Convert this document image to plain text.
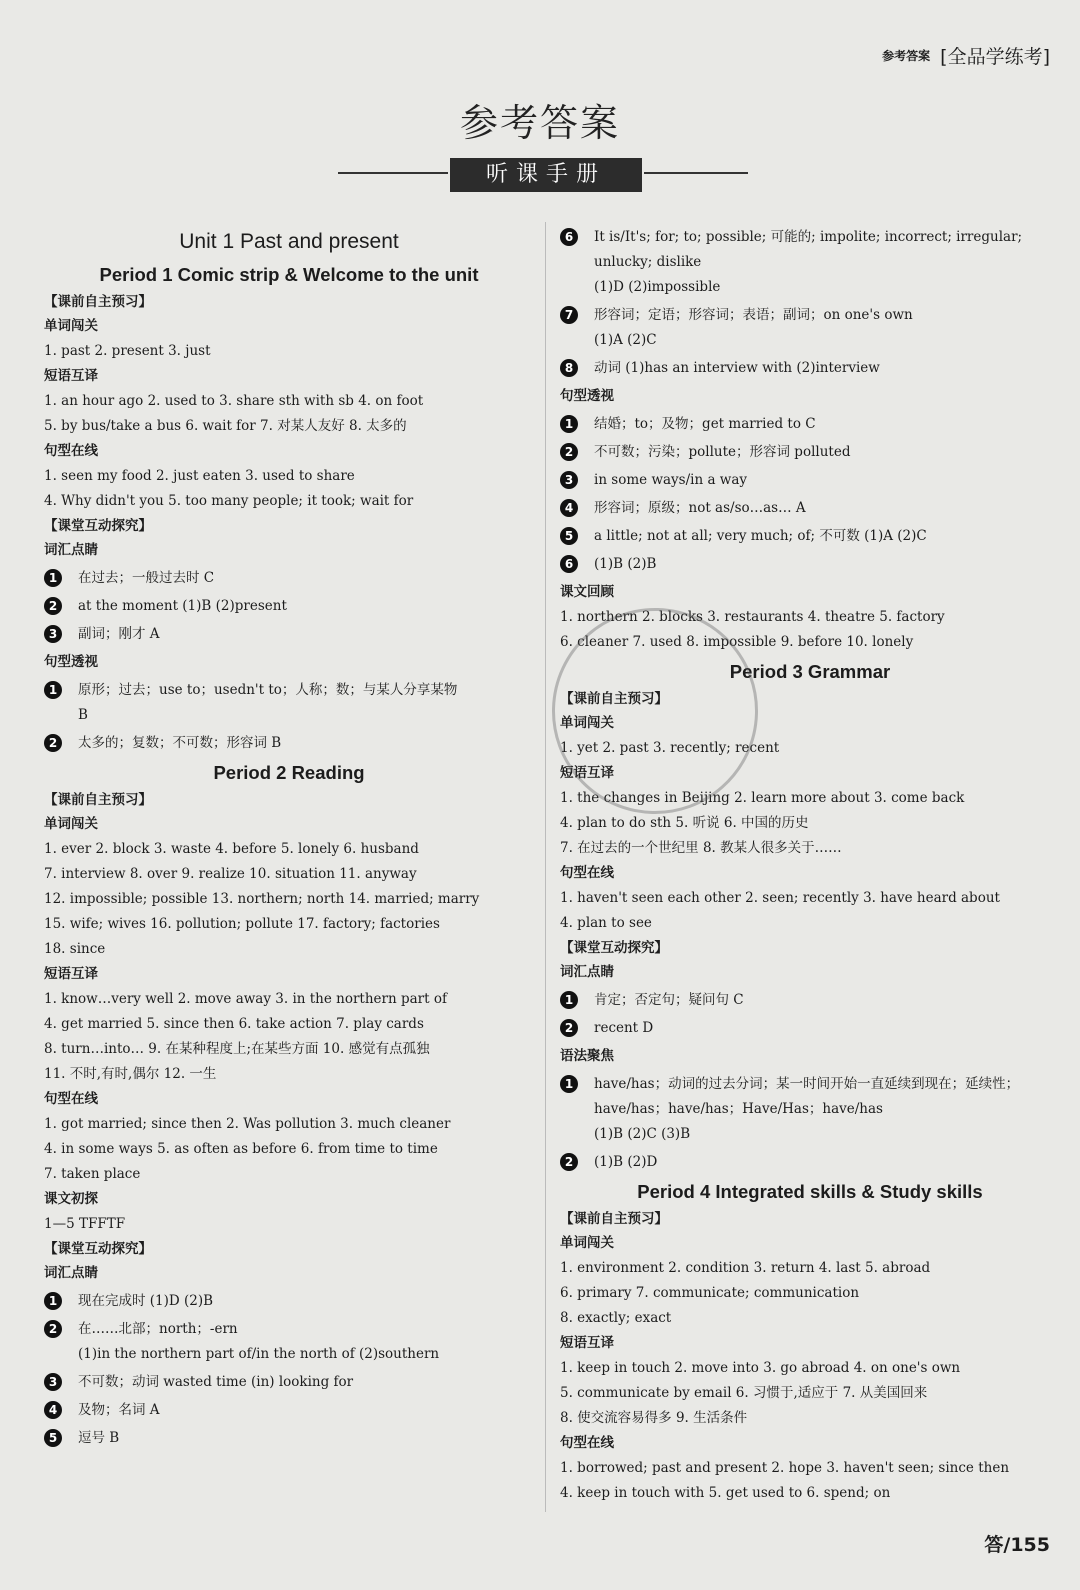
参考答案 [全品学练考]
参考答案
听课手册
Unit 1 Past and present
Period 1 Comic strip & Welcome to the unit
【课前自主预习】
单词闯关
1. past 2. present 3. just
短语互译
1. an hour ago 2. used to 3. share sth with sb 4. on foot
5. by bus/take a bus 6. wait for 7. 对某人友好 8. 太多的
句型在线
1. seen my food 2. just eaten 3. used to share
4. Why didn't you 5. too many people; it took; wait for
【课堂互动探究】
词汇点睛
1	在过去；一般过去时 C
2	at the moment (1)B (2)present
3	副词；刚才 A
句型透视
1	原形；过去；use to；usedn't to；人称；数；与某人分享某物
B
2	太多的；复数；不可数；形容词 B
Period 2 Reading
【课前自主预习】
单词闯关
1. ever 2. block 3. waste 4. before 5. lonely 6. husband
7. interview 8. over 9. realize 10. situation 11. anyway
12. impossible; possible 13. northern; north 14. married; marry
15. wife; wives 16. pollution; pollute 17. factory; factories
18. since
短语互译
1. know…very well 2. move away 3. in the northern part of
4. get married 5. since then 6. take action 7. play cards
8. turn…into… 9. 在某种程度上;在某些方面 10. 感觉有点孤独
11. 不时,有时,偶尔 12. 一生
句型在线
1. got married; since then 2. Was pollution 3. much cleaner
4. in some ways 5. as often as before 6. from time to time
7. taken place
课文初探
1—5 TFFTF
【课堂互动探究】
词汇点睛
1	现在完成时 (1)D (2)B
2	在……北部；north；-ern
(1)in the northern part of/in the north of (2)southern
3	不可数；动词 wasted time (in) looking for
4	及物；名词 A
5	逗号 B
6	It is/It's; for; to; possible; 可能的; impolite; incorrect; irregular; unlucky; dislike
(1)D (2)impossible
7	形容词；定语；形容词；表语；副词；on one's own
(1)A (2)C
8	动词 (1)has an interview with (2)interview
句型透视
1	结婚；to；及物；get married to C
2	不可数；污染；pollute；形容词 polluted
3	in some ways/in a way
4	形容词；原级；not as/so…as… A
5	a little; not at all; very much; of; 不可数 (1)A (2)C
6	(1)B (2)B
课文回顾
1. northern 2. blocks 3. restaurants 4. theatre 5. factory
6. cleaner 7. used 8. impossible 9. before 10. lonely
Period 3 Grammar
【课前自主预习】
单词闯关
1. yet 2. past 3. recently; recent
短语互译
1. the changes in Beijing 2. learn more about 3. come back
4. plan to do sth 5. 听说 6. 中国的历史
7. 在过去的一个世纪里 8. 教某人很多关于……
句型在线
1. haven't seen each other 2. seen; recently 3. have heard about
4. plan to see
【课堂互动探究】
词汇点睛
1	肯定；否定句；疑问句 C
2	recent D
语法聚焦
1	have/has；动词的过去分词；某一时间开始一直延续到现在；延续性；have/has；have/has；Have/Has；have/has
(1)B (2)C (3)B
2	(1)B (2)D
Period 4 Integrated skills & Study skills
【课前自主预习】
单词闯关
1. environment 2. condition 3. return 4. last 5. abroad
6. primary 7. communicate; communication
8. exactly; exact
短语互译
1. keep in touch 2. move into 3. go abroad 4. on one's own
5. communicate by email 6. 习惯于,适应于 7. 从美国回来
8. 使交流容易得多 9. 生活条件
句型在线
1. borrowed; past and present 2. hope 3. haven't seen; since then
4. keep in touch with 5. get used to 6. spend; on
答/155
